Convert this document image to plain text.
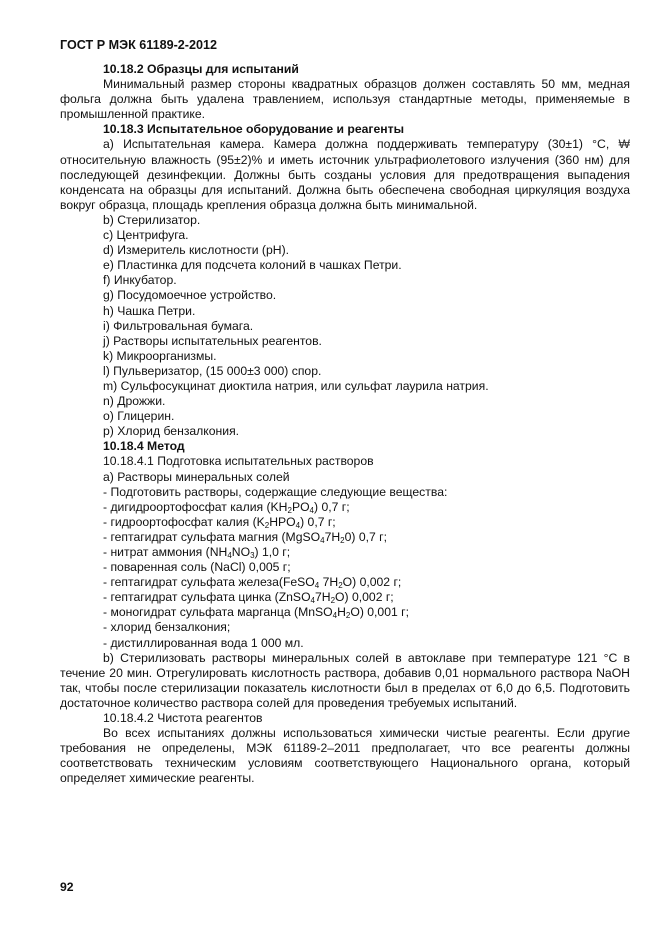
ГОСТ Р МЭК 61189-2-2012
10.18.2 Образцы для испытаний
Минимальный размер стороны квадратных образцов должен составлять 50 мм, медная фольга должна быть удалена травлением, используя стандартные методы, применяемые в промышленной практике.
10.18.3 Испытательное оборудование и реагенты
a) Испытательная камера. Камера должна поддерживать температуру (30±1) °C, ₩ относительную влажность (95±2)% и иметь источник ультрафиолетового излучения (360 нм) для последующей дезинфекции. Должны быть созданы условия для предотвращения выпадения конденсата на образцы для испытаний. Должна быть обеспечена свободная циркуляция воздуха вокруг образца, площадь крепления образца должна быть минимальной.
b) Стерилизатор.
c) Центрифуга.
d) Измеритель кислотности (pH).
e) Пластинка для подсчета колоний в чашках Петри.
f) Инкубатор.
g) Посудомоечное устройство.
h) Чашка Петри.
i) Фильтровальная бумага.
j) Растворы испытательных реагентов.
k) Микроорганизмы.
l) Пульверизатор, (15 000±3 000) спор.
m) Сульфосукцинат диоктила натрия, или сульфат лаурила натрия.
n) Дрожжи.
o) Глицерин.
p) Хлорид бензалкония.
10.18.4 Метод
10.18.4.1 Подготовка испытательных растворов
a) Растворы минеральных солей
- Подготовить растворы, содержащие следующие вещества:
- дигидроортофосфат калия $(KH_2PO_4)$ 0,7 г;
- гидроортофосфат калия $(K_2HPO_4)$ 0,7 г;
- гептагидрат сульфата магния $(MgSO_47H_20)$ 0,7 г;
- нитрат аммония $(NH_4NO_3)$ 1,0 г;
- поваренная соль (NaCl) 0,005 г;
- гептагидрат сульфата железа(FeSO$_4$ $7H_2O$) 0,002 г;
- гептагидрат сульфата цинка $(ZnSO_47H_2O)$ 0,002 г;
- моногидрат сульфата марганца $(MnSO_4H_2O)$ 0,001 г;
- хлорид бензалкония;
- дистиллированная вода 1 000 мл.
b) Стерилизовать растворы минеральных солей в автоклаве при температуре 121 °C в течение 20 мин. Отрегулировать кислотность раствора, добавив 0,01 нормального раствора NaOH так, чтобы после стерилизации показатель кислотности был в пределах от 6,0 до 6,5. Подготовить достаточное количество раствора солей для проведения требуемых испытаний.
10.18.4.2 Чистота реагентов
Во всех испытаниях должны использоваться химически чистые реагенты. Если другие требования не определены, МЭК 61189-2–2011 предполагает, что все реагенты должны соответствовать техническим условиям соответствующего Национального органа, который определяет химические реагенты.
92
